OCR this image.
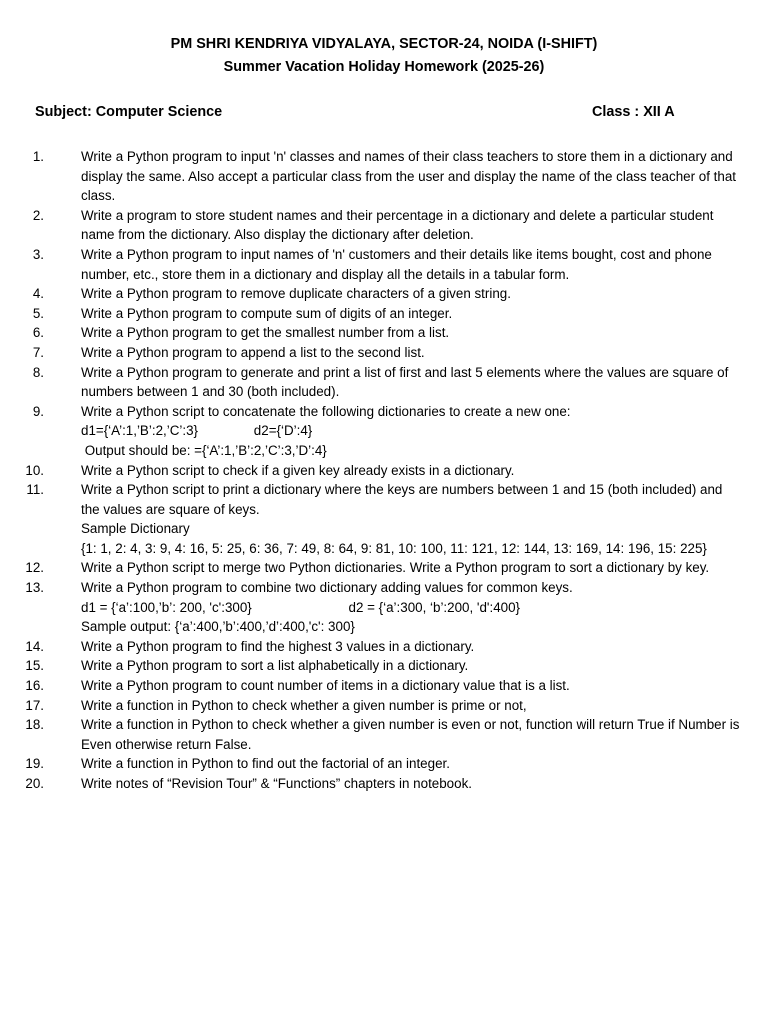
PM SHRI KENDRIYA VIDYALAYA, SECTOR-24, NOIDA (I-SHIFT)
Summer Vacation Holiday Homework (2025-26)
Subject: Computer Science	Class : XII A
1.	Write a Python program to input 'n' classes and names of their class teachers to store them in a dictionary and display the same. Also accept a particular class from the user and display the name of the class teacher of that class.
2.	Write a program to store student names and their percentage in a dictionary and delete a particular student name from the dictionary. Also display the dictionary after deletion.
3.	Write a Python program to input names of 'n' customers and their details like items bought, cost and phone number, etc., store them in a dictionary and display all the details in a tabular form.
4.	Write a Python program to remove duplicate characters of a given string.
5.	Write a Python program to compute sum of digits of an integer.
6.	Write a Python program to get the smallest number from a list.
7.	Write a Python program to append a list to the second list.
8.	Write a Python program to generate and print a list of first and last 5 elements where the values are square of numbers between 1 and 30 (both included).
9.	Write a Python script to concatenate the following dictionaries to create a new one:
d1={‘A’:1,’B’:2,’C’:3}               d2={‘D’:4}
Output should be: ={‘A’:1,’B’:2,’C’:3,’D’:4}
10.	Write a Python script to check if a given key already exists in a dictionary.
11.	Write a Python script to print a dictionary where the keys are numbers between 1 and 15 (both included) and the values are square of keys.
Sample Dictionary
{1: 1, 2: 4, 3: 9, 4: 16, 5: 25, 6: 36, 7: 49, 8: 64, 9: 81, 10: 100, 11: 121, 12: 144, 13: 169, 14: 196, 15: 225}
12.	Write a Python script to merge two Python dictionaries. Write a Python program to sort a dictionary by key.
13.	Write a Python program to combine two dictionary adding values for common keys.
d1 = {‘a’:100,’b’: 200, 'c':300}                          d2 = {‘a’:300, ‘b’:200, 'd':400}
Sample output: {‘a’:400,’b’:400,’d’:400,'c': 300}
14.	Write a Python program to find the highest 3 values in a dictionary.
15.	Write a Python program to sort a list alphabetically in a dictionary.
16.	Write a Python program to count number of items in a dictionary value that is a list.
17.	Write a function in Python to check whether a given number is prime or not,
18.	Write a function in Python to check whether a given number is even or not, function will return True if Number is Even otherwise return False.
19.	Write a function in Python to find out the factorial of an integer.
20.	Write notes of “Revision Tour” & “Functions” chapters in notebook.
